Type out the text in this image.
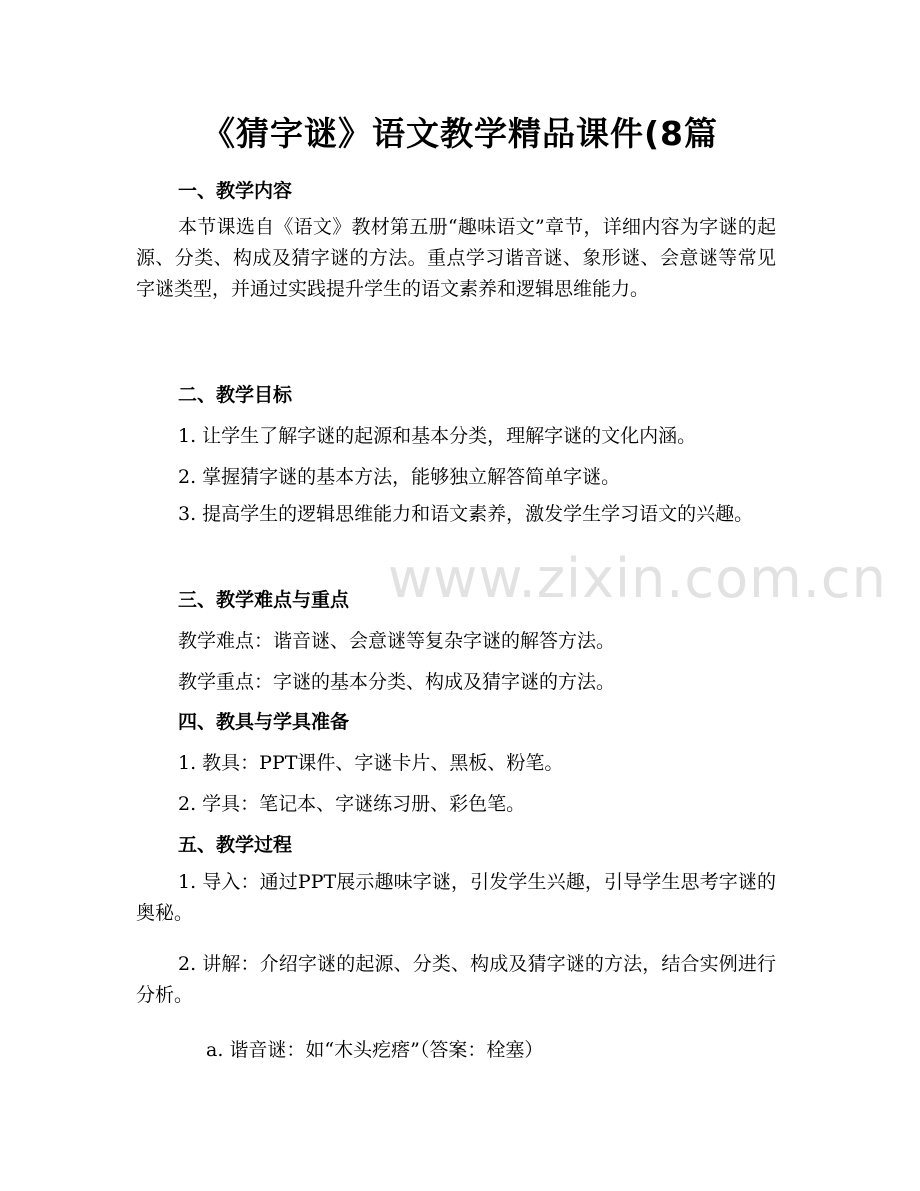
www.zixin.com.cn
《猜字谜》语文教学精品课件(8篇
一、教学内容
本节课选自《语文》教材第五册“趣味语文”章节，详细内容为字谜的起源、分类、构成及猜字谜的方法。重点学习谐音谜、象形谜、会意谜等常见字谜类型，并通过实践提升学生的语文素养和逻辑思维能力。
二、教学目标
1. 让学生了解字谜的起源和基本分类，理解字谜的文化内涵。
2. 掌握猜字谜的基本方法，能够独立解答简单字谜。
3. 提高学生的逻辑思维能力和语文素养，激发学生学习语文的兴趣。
三、教学难点与重点
教学难点：谐音谜、会意谜等复杂字谜的解答方法。
教学重点：字谜的基本分类、构成及猜字谜的方法。
四、教具与学具准备
1. 教具：PPT课件、字谜卡片、黑板、粉笔。
2. 学具：笔记本、字谜练习册、彩色笔。
五、教学过程
1. 导入：通过PPT展示趣味字谜，引发学生兴趣，引导学生思考字谜的奥秘。
2. 讲解：介绍字谜的起源、分类、构成及猜字谜的方法，结合实例进行分析。
a. 谐音谜：如“木头疙瘩”（答案：栓塞）
